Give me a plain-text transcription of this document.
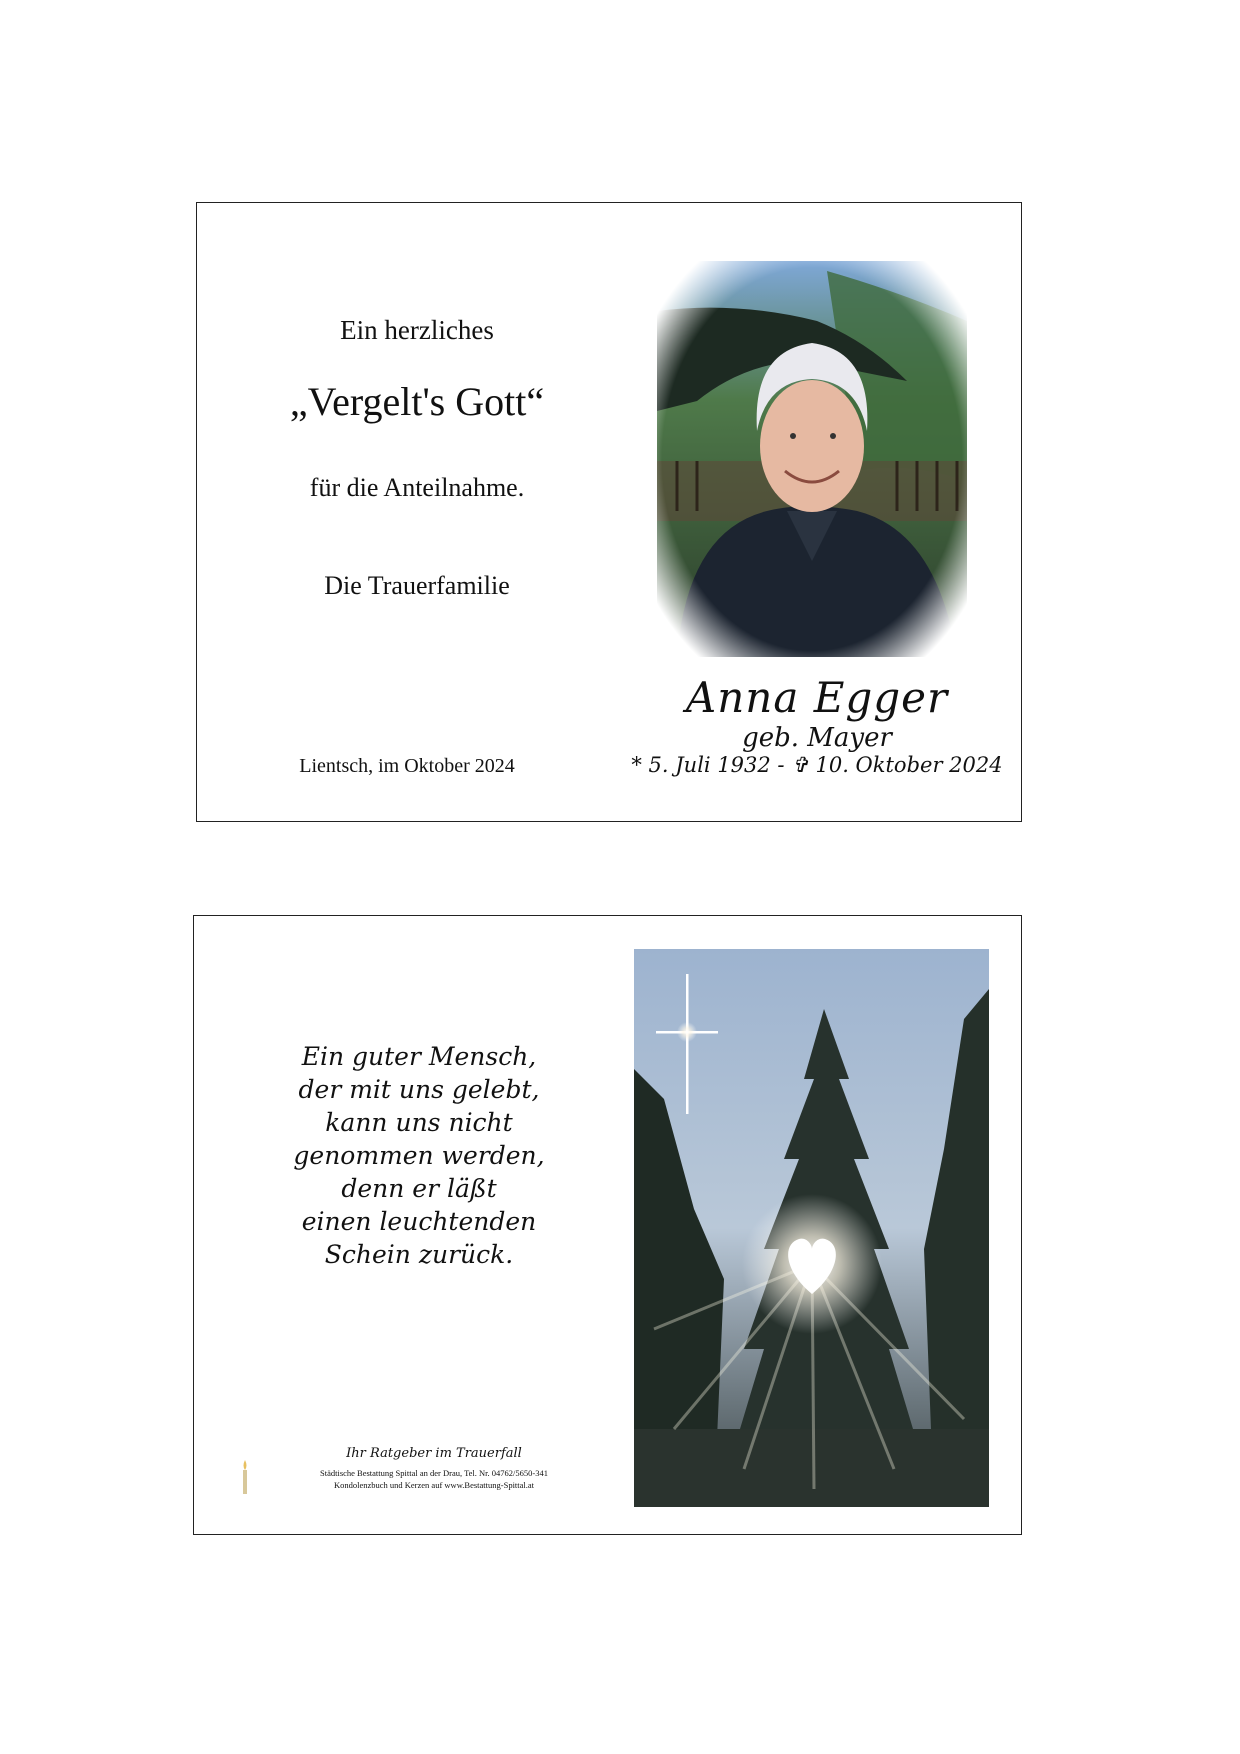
Ein herzliches
„Vergelt's Gott“
für die Anteilnahme.
Die Trauerfamilie
Lientsch, im Oktober 2024
Anna Egger
geb. Mayer
* 5. Juli 1932 - ✞ 10. Oktober 2024
Ein guter Mensch,
der mit uns gelebt,
kann uns nicht
genommen werden,
denn er läßt
einen leuchtenden
Schein zurück.
Ihr Ratgeber im Trauerfall
Städtische Bestattung Spittal an der Drau, Tel. Nr. 04762/5650-341
Kondolenzbuch und Kerzen auf www.Bestattung-Spittal.at
